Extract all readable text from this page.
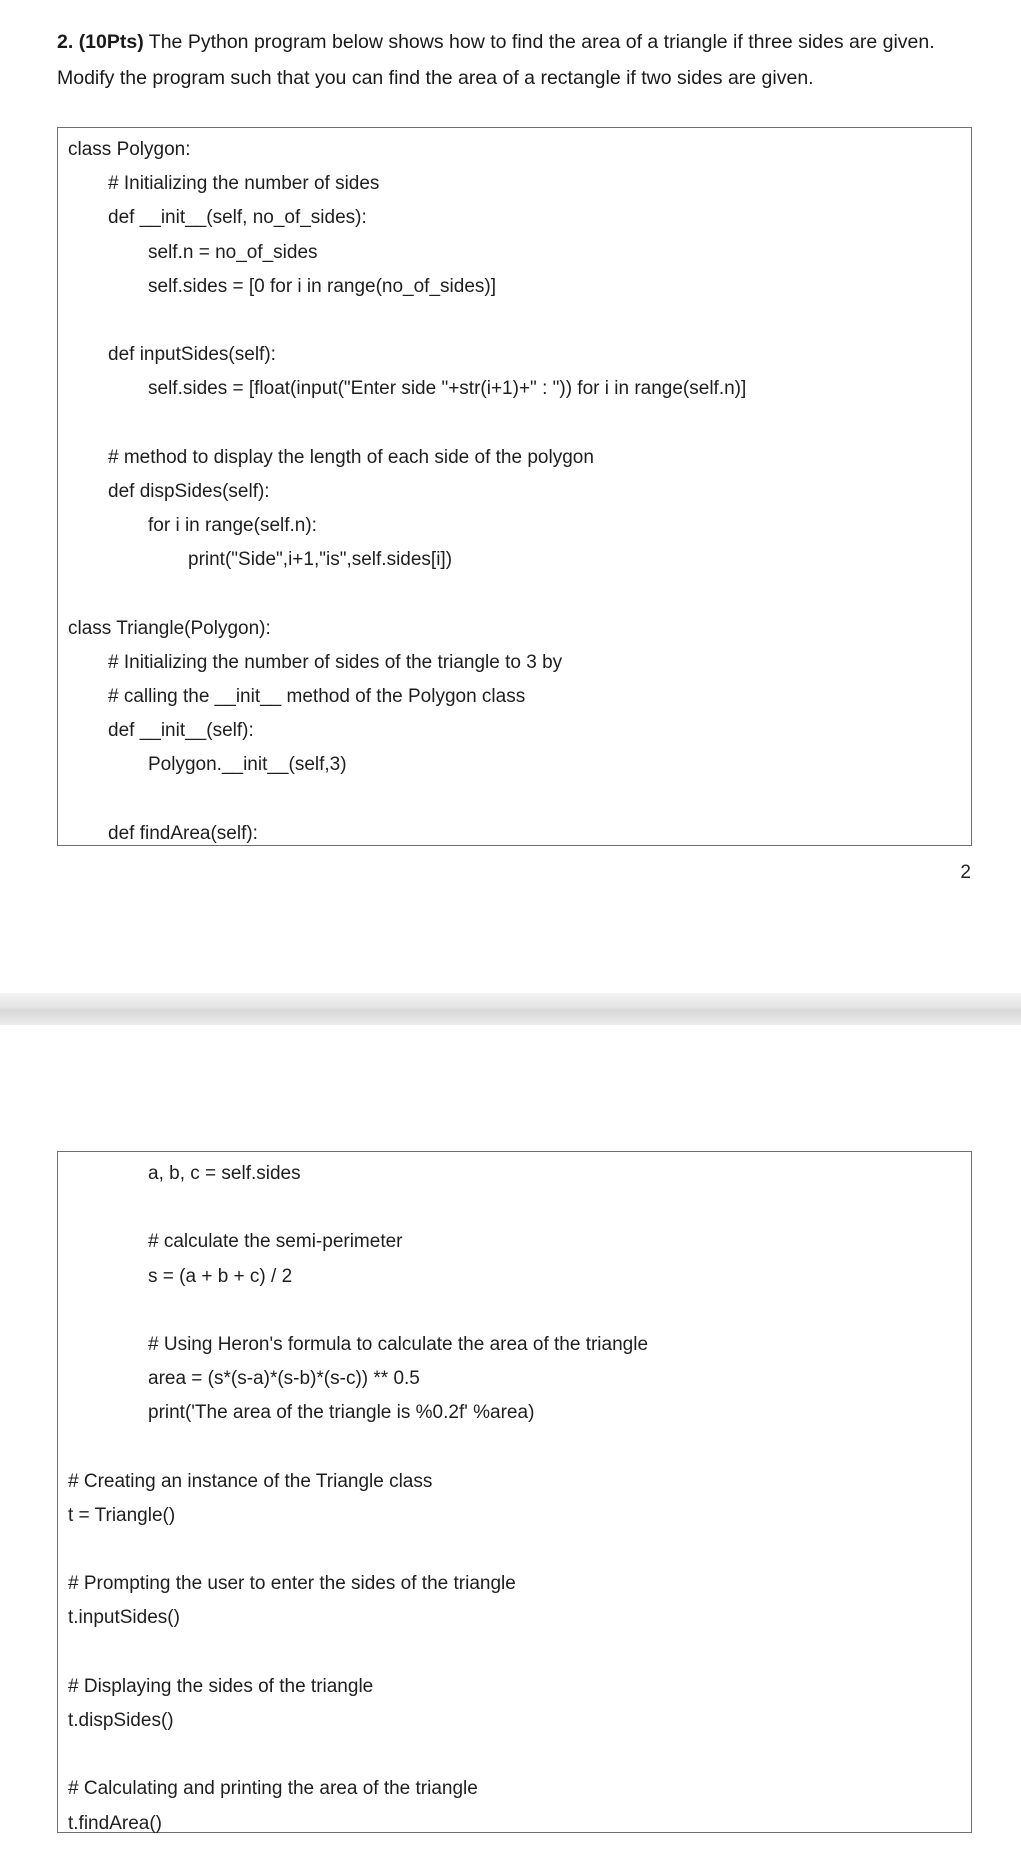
2. (10Pts) The Python program below shows how to find the area of a triangle if three sides are given. Modify the program such that you can find the area of a rectangle if two sides are given.

class Polygon:
# Initializing the number of sides
def __init__(self, no_of_sides):
self.n = no_of_sides
self.sides = [0 for i in range(no_of_sides)]
def inputSides(self):
self.sides = [float(input("Enter side "+str(i+1)+" : ")) for i in range(self.n)]
# method to display the length of each side of the polygon
def dispSides(self):
for i in range(self.n):
print("Side",i+1,"is",self.sides[i])
class Triangle(Polygon):
# Initializing the number of sides of the triangle to 3 by
# calling the __init__ method of the Polygon class
def __init__(self):
Polygon.__init__(self,3)
def findArea(self):
2
a, b, c = self.sides
# calculate the semi-perimeter
s = (a + b + c) / 2
# Using Heron's formula to calculate the area of the triangle
area = (s*(s-a)*(s-b)*(s-c)) ** 0.5
print('The area of the triangle is %0.2f' %area)
# Creating an instance of the Triangle class
t = Triangle()
# Prompting the user to enter the sides of the triangle
t.inputSides()
# Displaying the sides of the triangle
t.dispSides()
# Calculating and printing the area of the triangle
t.findArea()
